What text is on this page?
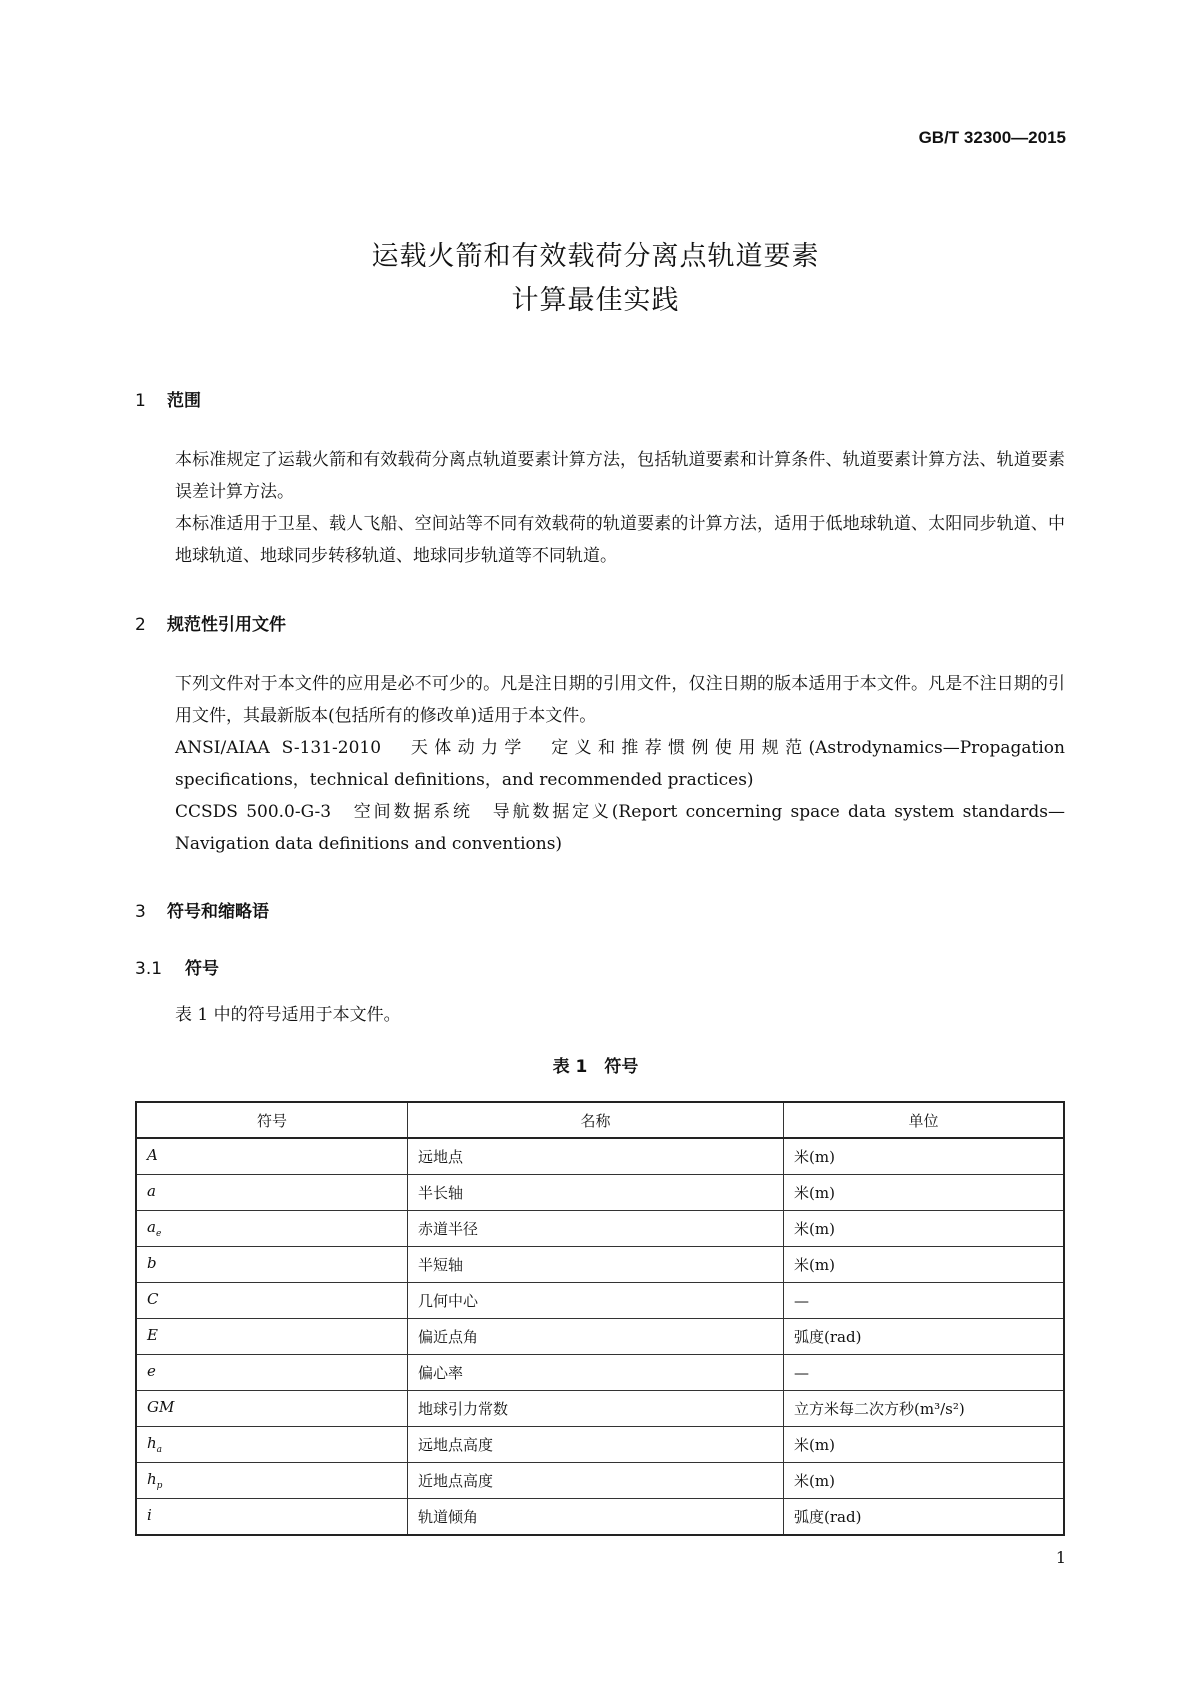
GB/T 32300—2015
运载火箭和有效载荷分离点轨道要素
计算最佳实践
1 范围
本标准规定了运载火箭和有效载荷分离点轨道要素计算方法，包括轨道要素和计算条件、轨道要素计算方法、轨道要素误差计算方法。
本标准适用于卫星、载人飞船、空间站等不同有效载荷的轨道要素的计算方法，适用于低地球轨道、太阳同步轨道、中地球轨道、地球同步转移轨道、地球同步轨道等不同轨道。
2 规范性引用文件
下列文件对于本文件的应用是必不可少的。凡是注日期的引用文件，仅注日期的版本适用于本文件。凡是不注日期的引用文件，其最新版本(包括所有的修改单)适用于本文件。
ANSI/AIAA S-131-2010　天体动力学　定义和推荐惯例使用规范(Astrodynamics—Propagation specifications，technical definitions，and recommended practices)
CCSDS 500.0-G-3　空间数据系统　导航数据定义(Report concerning space data system standards—Navigation data definitions and conventions)
3 符号和缩略语
3.1 符号
表 1 中的符号适用于本文件。
表 1　符号
符号	名称	单位
A	远地点	米(m)
a	半长轴	米(m)
$a_e$	赤道半径	米(m)
b	半短轴	米(m)
C	几何中心	—
E	偏近点角	弧度(rad)
e	偏心率	—
GM	地球引力常数	立方米每二次方秒(m³/s²)
$h_a$	远地点高度	米(m)
$h_p$	近地点高度	米(m)
i	轨道倾角	弧度(rad)
1
